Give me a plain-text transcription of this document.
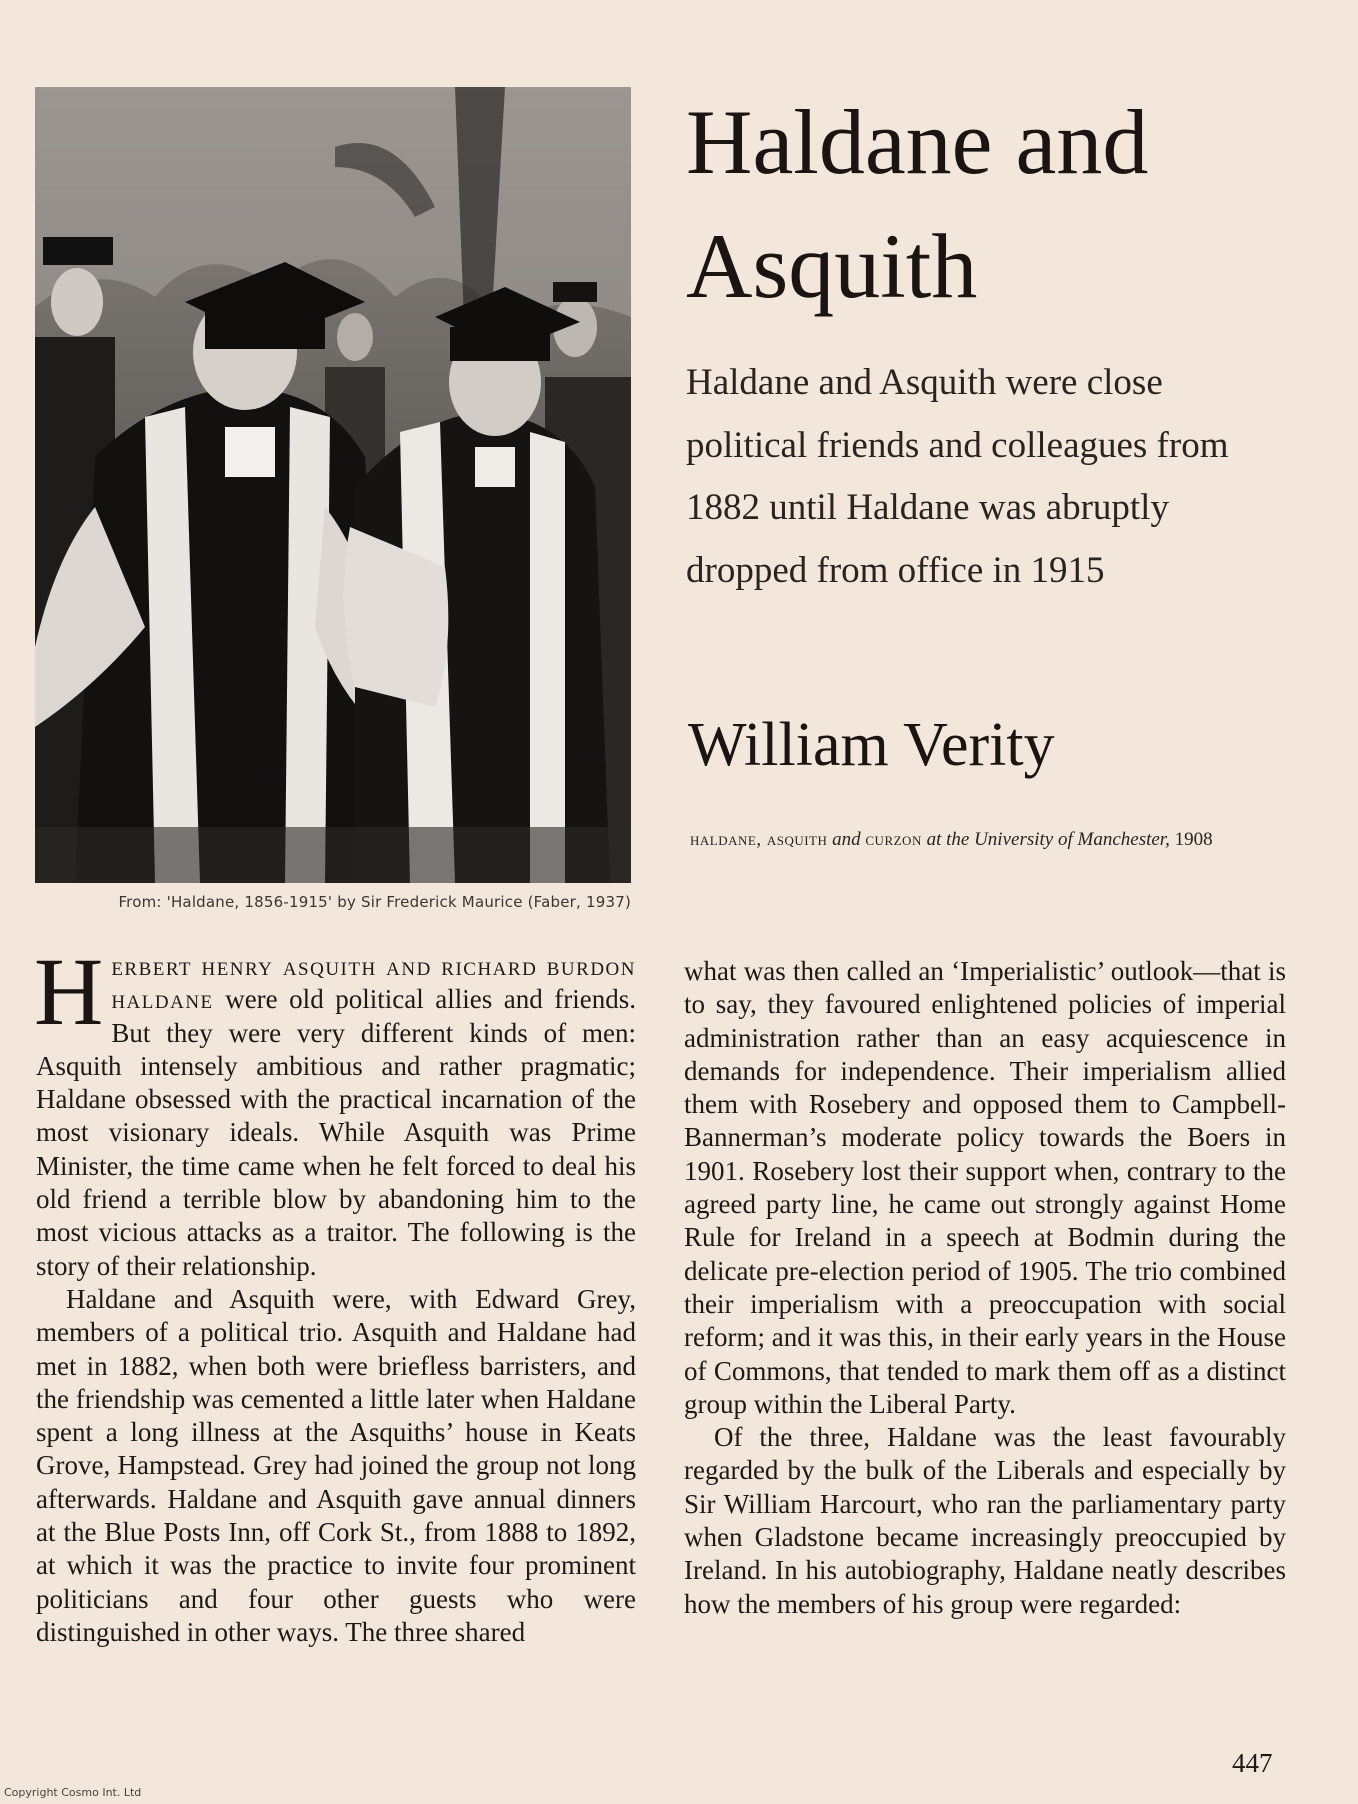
From: 'Haldane, 1856-1915' by Sir Frederick Maurice (Faber, 1937)
Haldane and Asquith
Haldane and Asquith were close political friends and colleagues from 1882 until Haldane was abruptly dropped from office in 1915
William Verity
haldane, asquith and curzon at the University of Manchester, 1908

Herbert henry asquith and richard burdon haldane were old political allies and friends. But they were very different kinds of men: Asquith intensely ambitious and rather pragmatic; Haldane obsessed with the practical incarnation of the most visionary ideals. While Asquith was Prime Minister, the time came when he felt forced to deal his old friend a terrible blow by abandoning him to the most vicious attacks as a traitor. The following is the story of their relationship.

Haldane and Asquith were, with Edward Grey, members of a political trio. Asquith and Haldane had met in 1882, when both were briefless barristers, and the friendship was cemented a little later when Haldane spent a long illness at the Asquiths’ house in Keats Grove, Hampstead. Grey had joined the group not long afterwards. Haldane and Asquith gave annual dinners at the Blue Posts Inn, off Cork St., from 1888 to 1892, at which it was the practice to invite four prominent politicians and four other guests who were distinguished in other ways. The three shared

what was then called an ‘Imperialistic’ outlook—that is to say, they favoured enlightened policies of imperial administration rather than an easy acquiescence in demands for independence. Their imperialism allied them with Rosebery and opposed them to Campbell-Bannerman’s moderate policy towards the Boers in 1901. Rosebery lost their support when, contrary to the agreed party line, he came out strongly against Home Rule for Ireland in a speech at Bodmin during the delicate pre-election period of 1905. The trio combined their imperialism with a preoccupation with social reform; and it was this, in their early years in the House of Commons, that tended to mark them off as a distinct group within the Liberal Party.

Of the three, Haldane was the least favourably regarded by the bulk of the Liberals and especially by Sir William Harcourt, who ran the parliamentary party when Gladstone became increasingly preoccupied by Ireland. In his autobiography, Haldane neatly describes how the members of his group were regarded:

447
Copyright Cosmo Int. Ltd
